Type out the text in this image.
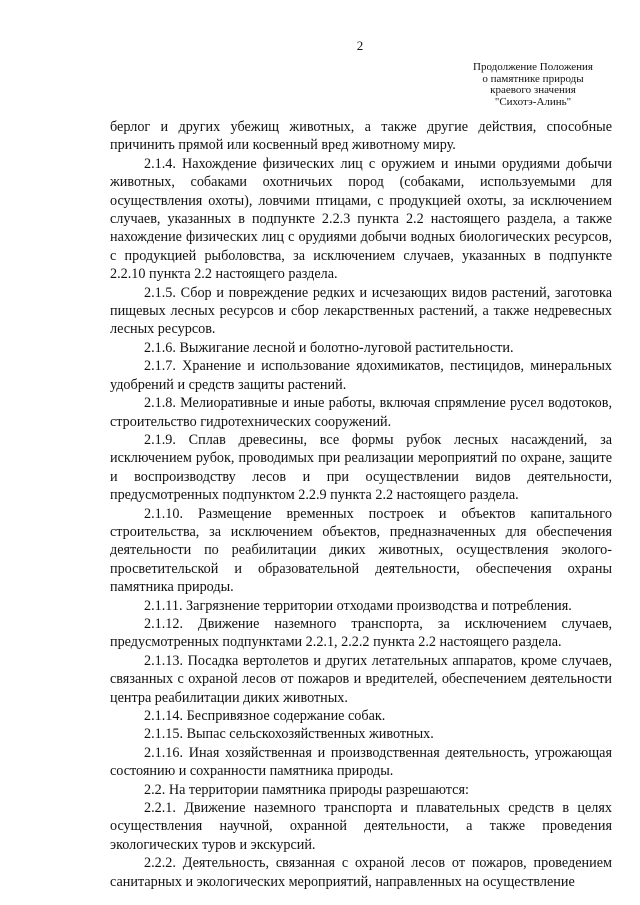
2
Продолжение Положения
о памятнике природы
краевого значения
"Сихотэ-Алинь"

берлог и других убежищ животных, а также другие действия, способные причинить прямой или косвенный вред животному миру.

2.1.4. Нахождение физических лиц с оружием и иными орудиями добычи животных, собаками охотничьих пород (собаками, используемыми для осуществления охоты), ловчими птицами, с продукцией охоты, за исключением случаев, указанных в подпункте 2.2.3 пункта 2.2 настоящего раздела, а также нахождение физических лиц с орудиями добычи водных биологических ресурсов, с продукцией рыболовства, за исключением случаев, указанных в подпункте 2.2.10 пункта 2.2 настоящего раздела.

2.1.5. Сбор и повреждение редких и исчезающих видов растений, заготовка пищевых лесных ресурсов и сбор лекарственных растений, а также недревесных лесных ресурсов.

2.1.6. Выжигание лесной и болотно-луговой растительности.

2.1.7. Хранение и использование ядохимикатов, пестицидов, минеральных удобрений и средств защиты растений.

2.1.8. Мелиоративные и иные работы, включая спрямление русел водотоков, строительство гидротехнических сооружений.

2.1.9. Сплав древесины, все формы рубок лесных насаждений, за исключением рубок, проводимых при реализации мероприятий по охране, защите и воспроизводству лесов и при осуществлении видов деятельности, предусмотренных подпунктом 2.2.9 пункта 2.2 настоящего раздела.

2.1.10. Размещение временных построек и объектов капитального строительства, за исключением объектов, предназначенных для обеспечения деятельности по реабилитации диких животных, осуществления эколого-просветительской и образовательной деятельности, обеспечения охраны памятника природы.

2.1.11. Загрязнение территории отходами производства и потребления.

2.1.12. Движение наземного транспорта, за исключением случаев, предусмотренных подпунктами 2.2.1, 2.2.2 пункта 2.2 настоящего раздела.

2.1.13. Посадка вертолетов и других летательных аппаратов, кроме случаев, связанных с охраной лесов от пожаров и вредителей, обеспечением деятельности центра реабилитации диких животных.

2.1.14. Беспривязное содержание собак.

2.1.15. Выпас сельскохозяйственных животных.

2.1.16. Иная хозяйственная и производственная деятельность, угрожающая состоянию и сохранности памятника природы.

2.2. На территории памятника природы разрешаются:

2.2.1. Движение наземного транспорта и плавательных средств в целях осуществления научной, охранной деятельности, а также проведения экологических туров и экскурсий.

2.2.2. Деятельность, связанная с охраной лесов от пожаров, проведением санитарных и экологических мероприятий, направленных на осуществление
